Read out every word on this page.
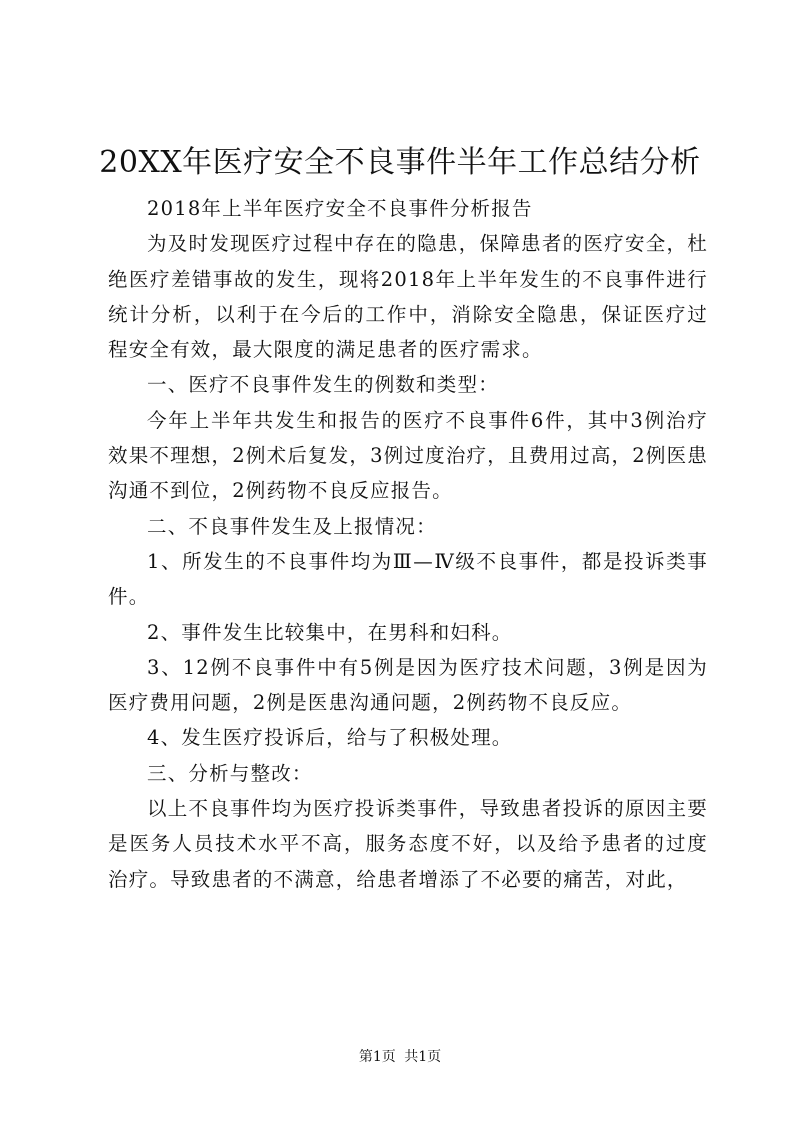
20XX年医疗安全不良事件半年工作总结分析

2018年上半年医疗安全不良事件分析报告

为及时发现医疗过程中存在的隐患，保障患者的医疗安全，杜绝医疗差错事故的发生，现将2018年上半年发生的不良事件进行统计分析，以利于在今后的工作中，消除安全隐患，保证医疗过程安全有效，最大限度的满足患者的医疗需求。

一、医疗不良事件发生的例数和类型：

今年上半年共发生和报告的医疗不良事件6件，其中3例治疗效果不理想，2例术后复发，3例过度治疗，且费用过高，2例医患沟通不到位，2例药物不良反应报告。

二、不良事件发生及上报情况：

1、所发生的不良事件均为Ⅲ—Ⅳ级不良事件，都是投诉类事件。

2、事件发生比较集中，在男科和妇科。

3、12例不良事件中有5例是因为医疗技术问题，3例是因为医疗费用问题，2例是医患沟通问题，2例药物不良反应。

4、发生医疗投诉后，给与了积极处理。

三、分析与整改：

以上不良事件均为医疗投诉类事件，导致患者投诉的原因主要是医务人员技术水平不高，服务态度不好，以及给予患者的过度治疗。导致患者的不满意，给患者增添了不必要的痛苦，对此，

第1页 共1页
